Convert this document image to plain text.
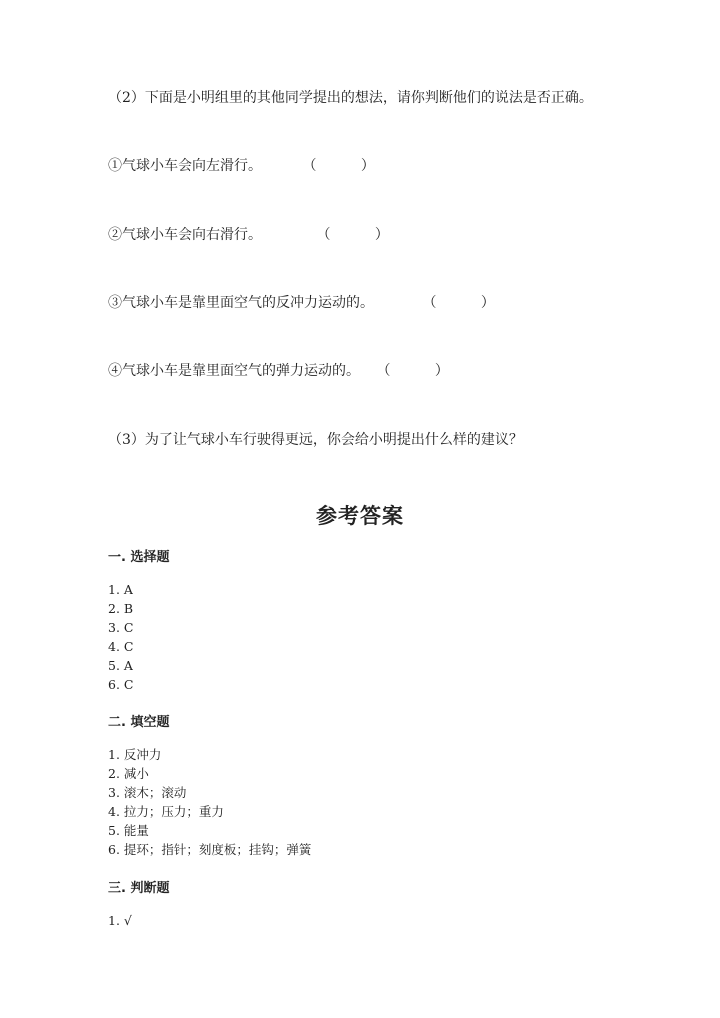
（2）下面是小明组里的其他同学提出的想法，请你判断他们的说法是否正确。
①气球小车会向左滑行。	（ ）
②气球小车会向右滑行。	（ ）
③气球小车是靠里面空气的反冲力运动的。	（ ）
④气球小车是靠里面空气的弹力运动的。 （ ）
（3）为了让气球小车行驶得更远，你会给小明提出什么样的建议？
参考答案
一. 选择题
1. A
2. B
3. C
4. C
5. A
6. C
二. 填空题
1. 反冲力
2. 减小
3. 滚木；滚动
4. 拉力；压力；重力
5. 能量
6. 提环；指针；刻度板；挂钩；弹簧
三. 判断题
1. √
